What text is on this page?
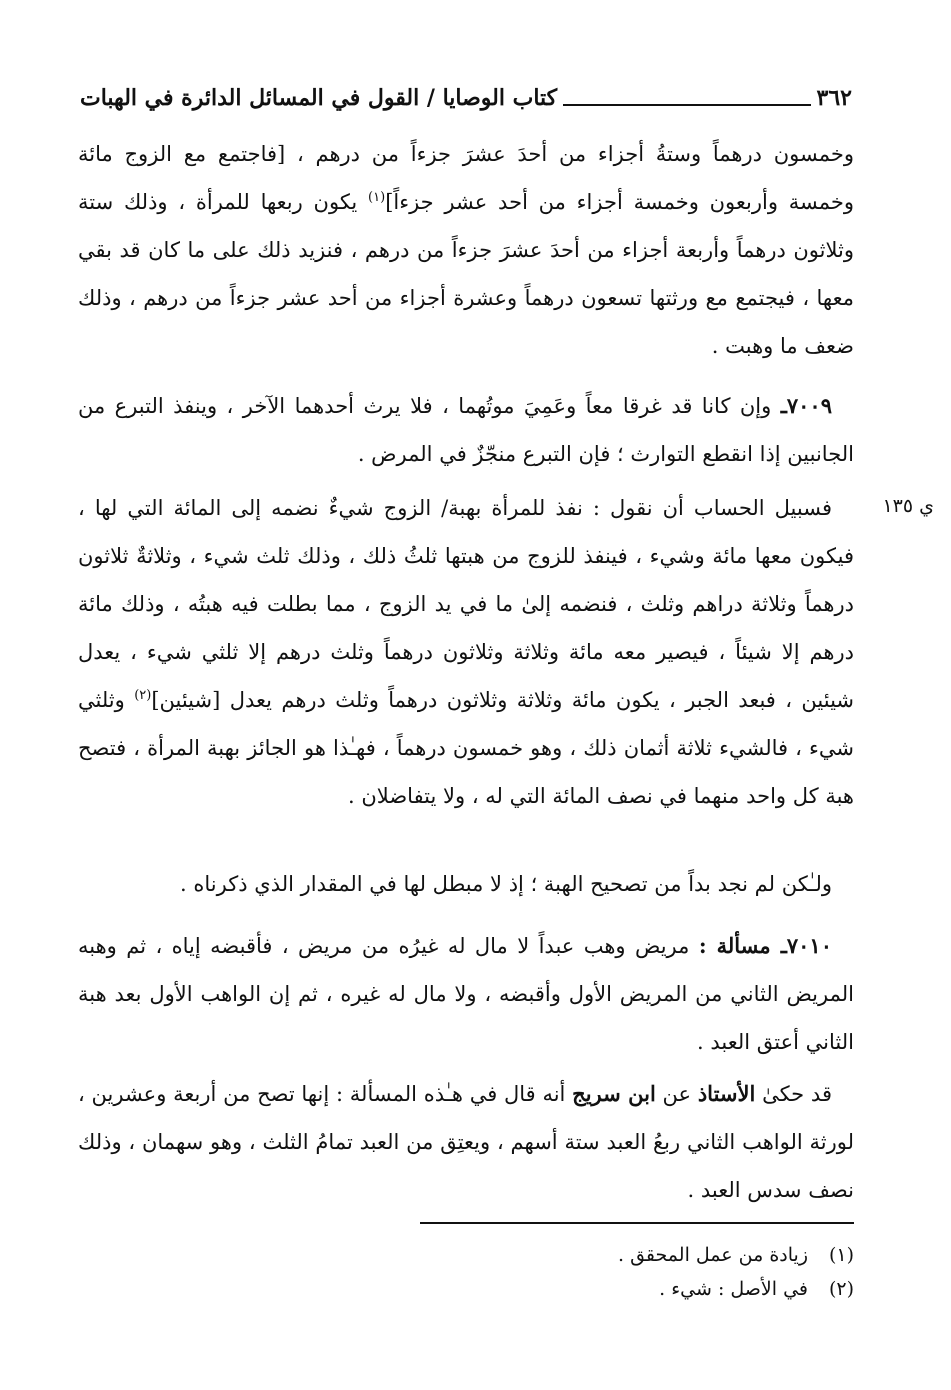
٣٦٢
كتاب الوصايا / القول في المسائل الدائرة في الهبات
ي ١٣٥
وخمسون درهماً وستةُ أجزاء من أحدَ عشرَ جزءاً من درهم ، [فاجتمع مع الزوج مائة وخمسة وأربعون وخمسة أجزاء من أحد عشر جزءاً]$^{(١)}$ يكون ربعها للمرأة ، وذلك ستة وثلاثون درهماً وأربعة أجزاء من أحدَ عشرَ جزءاً من درهم ، فنزيد ذلك على ما كان قد بقي معها ، فيجتمع مع ورثتها تسعون درهماً وعشرة أجزاء من أحد عشر جزءاً من درهم ، وذلك ضعف ما وهبت .
٧٠٠٩ـ وإن كانا قد غرقا معاً وعَمِيَ موتُهما ، فلا يرث أحدهما الآخر ، وينفذ التبرع من الجانبين إذا انقطع التوارث ؛ فإن التبرع منجّزٌ في المرض .
فسبيل الحساب أن نقول : نفذ للمرأة بهبة/ الزوج شيءٌ نضمه إلى المائة التي لها ، فيكون معها مائة وشيء ، فينفذ للزوج من هبتها ثلثُ ذلك ، وذلك ثلث شيء ، وثلاثةٌ ثلاثون درهماً وثلاثة دراهم وثلث ، فنضمه إلىٰ ما في يد الزوج ، مما بطلت فيه هبتُه ، وذلك مائة درهم إلا شيئاً ، فيصير معه مائة وثلاثة وثلاثون درهماً وثلث درهم إلا ثلثي شيء ، يعدل شيئين ، فبعد الجبر ، يكون مائة وثلاثة وثلاثون درهماً وثلث درهم يعدل [شيئين]$^{(٢)}$ وثلثي شيء ، فالشيء ثلاثة أثمان ذلك ، وهو خمسون درهماً ، فهـٰذا هو الجائز بهبة المرأة ، فتصح هبة كل واحد منهما في نصف المائة التي له ، ولا يتفاضلان .
ولـٰكن لم نجد بداً من تصحيح الهبة ؛ إذ لا مبطل لها في المقدار الذي ذكرناه .
٧٠١٠ـ مسألة : مريض وهب عبداً لا مال له غيرُه من مريض ، فأقبضه إياه ، ثم وهبه المريض الثاني من المريض الأول وأقبضه ، ولا مال له غيره ، ثم إن الواهب الأول بعد هبة الثاني أعتق العبد .
قد حكىٰ الأستاذ عن ابن سريج أنه قال في هـٰذه المسألة : إنها تصح من أربعة وعشرين ، لورثة الواهب الثاني ربعُ العبد ستة أسهم ، ويعتِق من العبد تمامُ الثلث ، وهو سهمان ، وذلك نصف سدس العبد .
(١)
زيادة من عمل المحقق .
(٢)
في الأصل : شيء .
